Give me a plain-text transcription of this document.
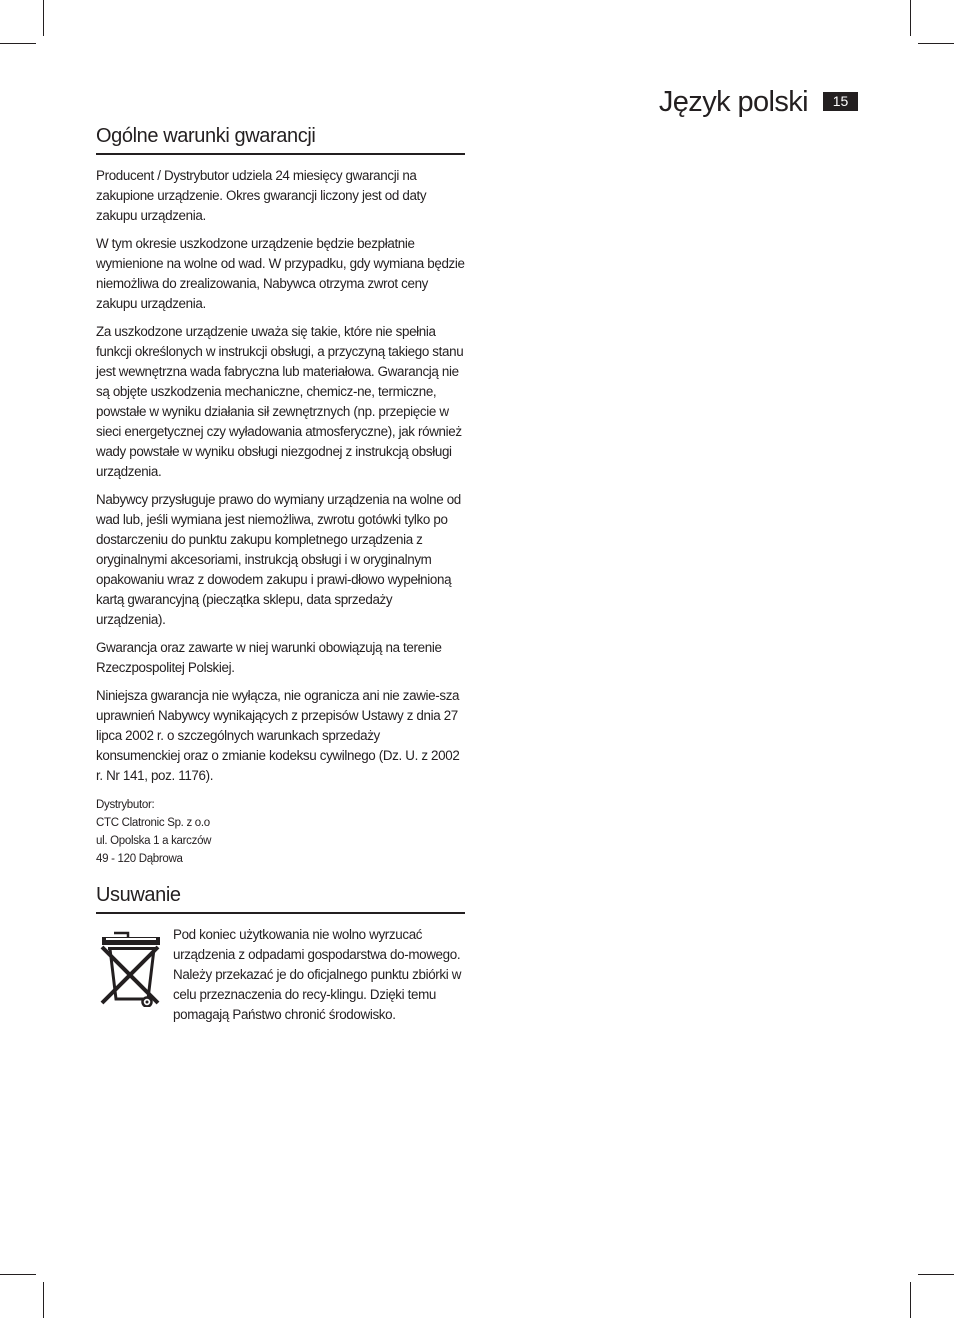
Język polski	15
Ogólne warunki gwarancji

Producent / Dystrybutor udziela 24 miesięcy gwarancji na zakupione urządzenie. Okres gwarancji liczony jest od daty zakupu urządzenia.

W tym okresie uszkodzone urządzenie będzie bezpłatnie wymienione na wolne od wad. W przypadku, gdy wymiana będzie niemożliwa do zrealizowania, Nabywca otrzyma zwrot ceny zakupu urządzenia.

Za uszkodzone urządzenie uważa się takie, które nie spełnia funkcji określonych w instrukcji obsługi, a przyczyną takiego stanu jest wewnętrzna wada fabryczna lub materiałowa. Gwarancją nie są objęte uszkodzenia mechaniczne, chemicz-ne, termiczne, powstałe w wyniku działania sił zewnętrznych (np. przepięcie w sieci energetycznej czy wyładowania atmosferyczne), jak również wady powstałe w wyniku obsługi niezgodnej z instrukcją obsługi urządzenia.

Nabywcy przysługuje prawo do wymiany urządzenia na wolne od wad lub, jeśli wymiana jest niemożliwa, zwrotu gotówki tylko po dostarczeniu do punktu zakupu kompletnego urządzenia z oryginalnymi akcesoriami, instrukcją obsługi i w oryginalnym opakowaniu wraz z dowodem zakupu i prawi-dłowo wypełnioną kartą gwarancyjną (pieczątka sklepu, data sprzedaży urządzenia).

Gwarancja oraz zawarte w niej warunki obowiązują na terenie Rzeczpospolitej Polskiej.

Niniejsza gwarancja nie wyłącza, nie ogranicza ani nie zawie-sza uprawnień Nabywcy wynikających z przepisów Ustawy z dnia 27 lipca 2002 r. o szczególnych warunkach sprzedaży konsumenckiej oraz o zmianie kodeksu cywilnego (Dz. U. z 2002 r. Nr 141, poz. 1176).

Dystrybutor:
CTC Clatronic Sp. z o.o
ul. Opolska 1 a karczów
49 - 120 Dąbrowa
Usuwanie

Pod koniec użytkowania nie wolno wyrzucać urządzenia z odpadami gospodarstwa do-mowego. Należy przekazać je do oficjalnego punktu zbiórki w celu przeznaczenia do recy-klingu. Dzięki temu pomagają Państwo chronić środowisko.
